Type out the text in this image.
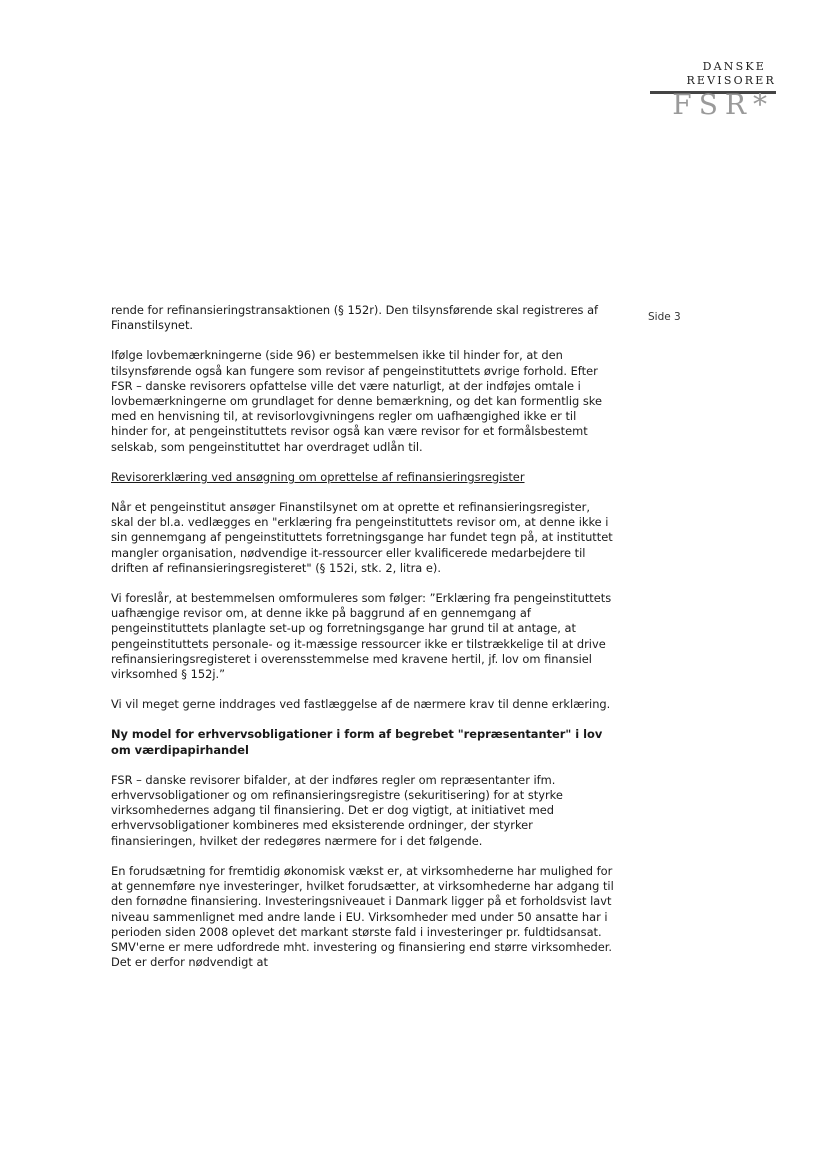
DANSKE
REVISORER
FSR*
Side 3

rende for refinansieringstransaktionen (§ 152r). Den tilsynsførende skal registreres af Finanstilsynet.

Ifølge lovbemærkningerne (side 96) er bestemmelsen ikke til hinder for, at den tilsynsførende også kan fungere som revisor af pengeinstituttets øvrige forhold. Efter FSR – danske revisorers opfattelse ville det være naturligt, at der indføjes omtale i lovbemærkningerne om grundlaget for denne bemærkning, og det kan formentlig ske med en henvisning til, at revisorlovgivningens regler om uafhængighed ikke er til hinder for, at pengeinstituttets revisor også kan være revisor for et formålsbestemt selskab, som pengeinstituttet har overdraget udlån til.

Revisorerklæring ved ansøgning om oprettelse af refinansieringsregister

Når et pengeinstitut ansøger Finanstilsynet om at oprette et refinansieringsregister, skal der bl.a. vedlægges en "erklæring fra pengeinstituttets revisor om, at denne ikke i sin gennemgang af pengeinstituttets forretningsgange har fundet tegn på, at instituttet mangler organisation, nødvendige it-ressourcer eller kvalificerede medarbejdere til driften af refinansieringsregisteret" (§ 152i, stk. 2, litra e).

Vi foreslår, at bestemmelsen omformuleres som følger: ”Erklæring fra pengeinstituttets uafhængige revisor om, at denne ikke på baggrund af en gennemgang af pengeinstituttets planlagte set-up og forretningsgange har grund til at antage, at pengeinstituttets personale- og it-mæssige ressourcer ikke er tilstrækkelige til at drive refinansieringsregisteret i overensstemmelse med kravene hertil, jf. lov om finansiel virksomhed § 152j.”

Vi vil meget gerne inddrages ved fastlæggelse af de nærmere krav til denne erklæring.

Ny model for erhvervsobligationer i form af begrebet "repræsentanter" i lov om værdipapirhandel

FSR – danske revisorer bifalder, at der indføres regler om repræsentanter ifm. erhvervsobligationer og om refinansieringsregistre (sekuritisering) for at styrke virksomhedernes adgang til finansiering. Det er dog vigtigt, at initiativet med erhvervsobligationer kombineres med eksisterende ordninger, der styrker finansieringen, hvilket der redegøres nærmere for i det følgende.

En forudsætning for fremtidig økonomisk vækst er, at virksomhederne har mulighed for at gennemføre nye investeringer, hvilket forudsætter, at virksomhederne har adgang til den fornødne finansiering. Investeringsniveauet i Danmark ligger på et forholdsvist lavt niveau sammenlignet med andre lande i EU. Virksomheder med under 50 ansatte har i perioden siden 2008 oplevet det markant største fald i investeringer pr. fuldtidsansat. SMV'erne er mere udfordrede mht. investering og finansiering end større virksomheder. Det er derfor nødvendigt at
